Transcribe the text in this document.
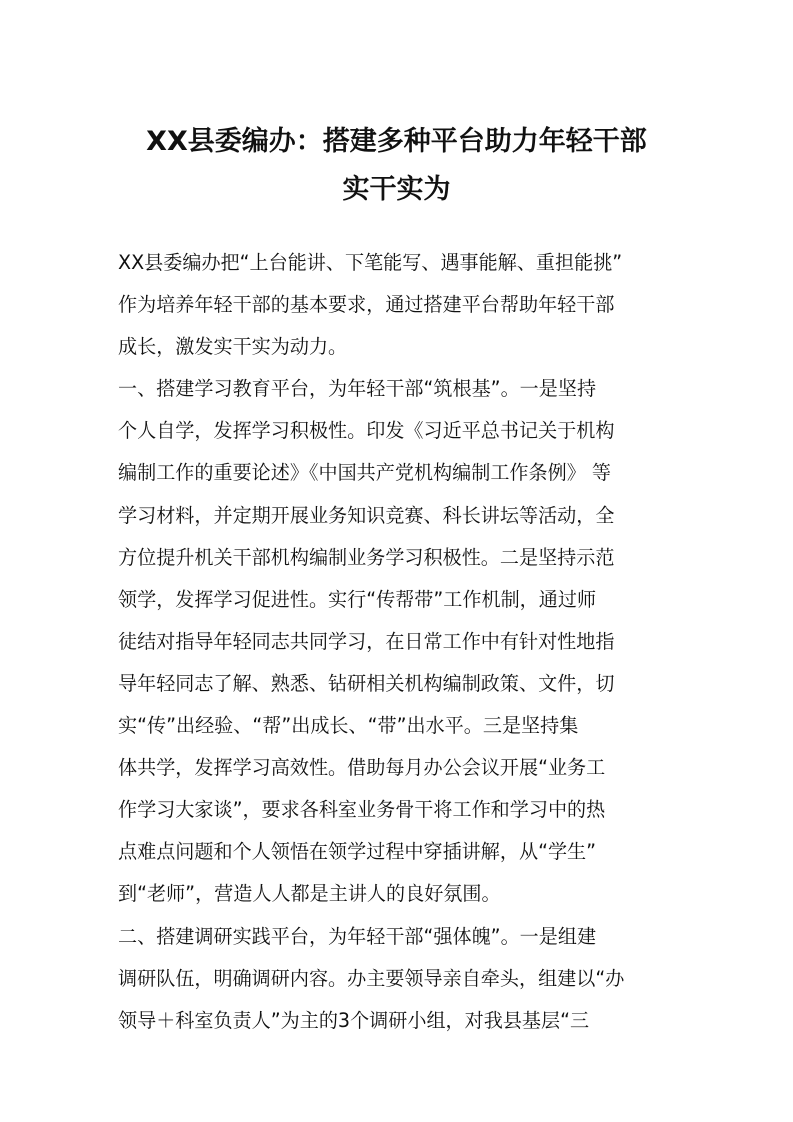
XX县委编办：搭建多种平台助力年轻干部
实干实为
XX县委编办把“上台能讲、下笔能写、遇事能解、重担能挑”
作为培养年轻干部的基本要求，通过搭建平台帮助年轻干部
成长，激发实干实为动力。
一、搭建学习教育平台，为年轻干部“筑根基”。一是坚持
个人自学，发挥学习积极性。印发《习近平总书记关于机构
编制工作的重要论述》《中国共产党机构编制工作条例》 等
学习材料，并定期开展业务知识竞赛、科长讲坛等活动，全
方位提升机关干部机构编制业务学习积极性。二是坚持示范
领学，发挥学习促进性。实行“传帮带”工作机制，通过师
徒结对指导年轻同志共同学习，在日常工作中有针对性地指
导年轻同志了解、熟悉、钻研相关机构编制政策、文件，切
实“传”出经验、“帮”出成长、“带”出水平。三是坚持集
体共学，发挥学习高效性。借助每月办公会议开展“业务工
作学习大家谈”，要求各科室业务骨干将工作和学习中的热
点难点问题和个人领悟在领学过程中穿插讲解，从“学生”
到“老师”，营造人人都是主讲人的良好氛围。
二、搭建调研实践平台，为年轻干部“强体魄”。一是组建
调研队伍，明确调研内容。办主要领导亲自牵头，组建以“办
领导＋科室负责人”为主的3个调研小组，对我县基层“三
